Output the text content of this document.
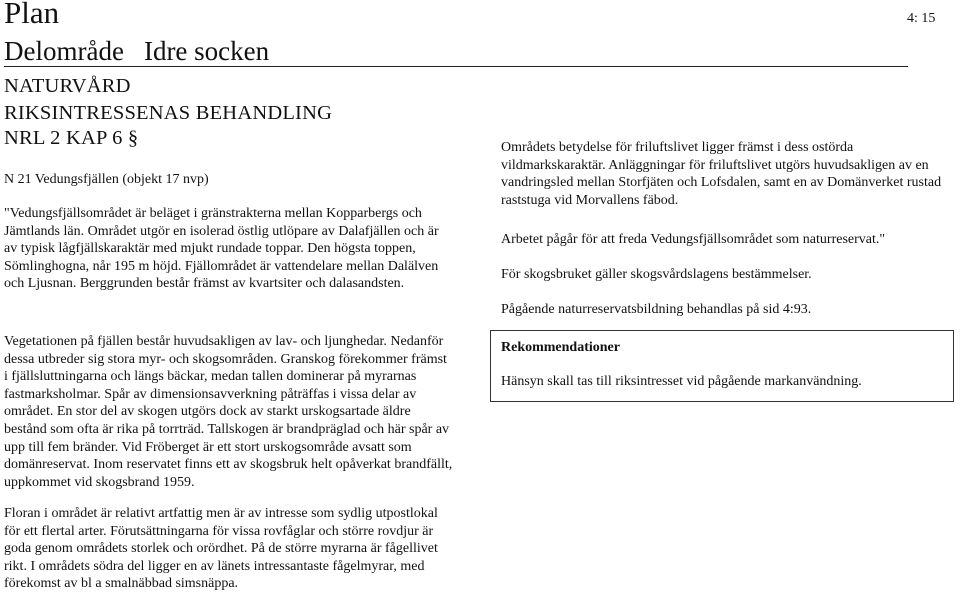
Plan
Delområde Idre socken
4: 15
NATURVÅRD
RIKSINTRESSENAS BEHANDLING
NRL 2 KAP 6 §
N 21 Vedungsfjällen (objekt 17 nvp)

"Vedungsfjällsområdet är beläget i gränstrakterna mellan Kopparbergs och Jämtlands län. Området utgör en isolerad östlig utlöpare av Dalafjällen och är av typisk lågfjällskaraktär med mjukt rundade toppar. Den högsta toppen, Sömlinghogna, når 195 m höjd. Fjällområdet är vattendelare mellan Dalälven och Ljusnan. Berggrunden består främst av kvartsiter och dalasandsten.

Vegetationen på fjällen består huvudsakligen av lav- och ljunghedar. Nedanför dessa utbreder sig stora myr- och skogsområden. Granskog förekommer främst i fjällsluttningarna och längs bäckar, medan tallen dominerar på myrarnas fastmarksholmar. Spår av dimensionsavverkning påträffas i vissa delar av området. En stor del av skogen utgörs dock av starkt urskogsartade äldre bestånd som ofta är rika på torrträd. Tallskogen är brandpräglad och här spår av upp till fem bränder. Vid Fröberget är ett stort urskogsområde avsatt som domänreservat. Inom reservatet finns ett av skogsbruk helt opåverkat brandfällt, uppkommet vid skogsbrand 1959.

Floran i området är relativt artfattig men är av intresse som sydlig utpostlokal för ett flertal arter. Förutsättningarna för vissa rovfåglar och större rovdjur är goda genom områdets storlek och orördhet. På de större myrarna är fågellivet rikt. I områdets södra del ligger en av länets intressantaste fågelmyrar, med förekomst av bl a smalnäbbad simsnäppa.

Områdets betydelse för friluftslivet ligger främst i dess ostörda vildmarkskaraktär. Anläggningar för friluftslivet utgörs huvudsakligen av en vandringsled mellan Storfjäten och Lofsdalen, samt en av Domänverket rustad raststuga vid Morvallens fäbod.

Arbetet pågår för att freda Vedungsfjällsområdet som naturreservat."

För skogsbruket gäller skogsvårdslagens bestämmelser.

Pågående naturreservatsbildning behandlas på sid 4:93.

Rekommendationer
Hänsyn skall tas till riksintresset vid pågående markanvändning.
